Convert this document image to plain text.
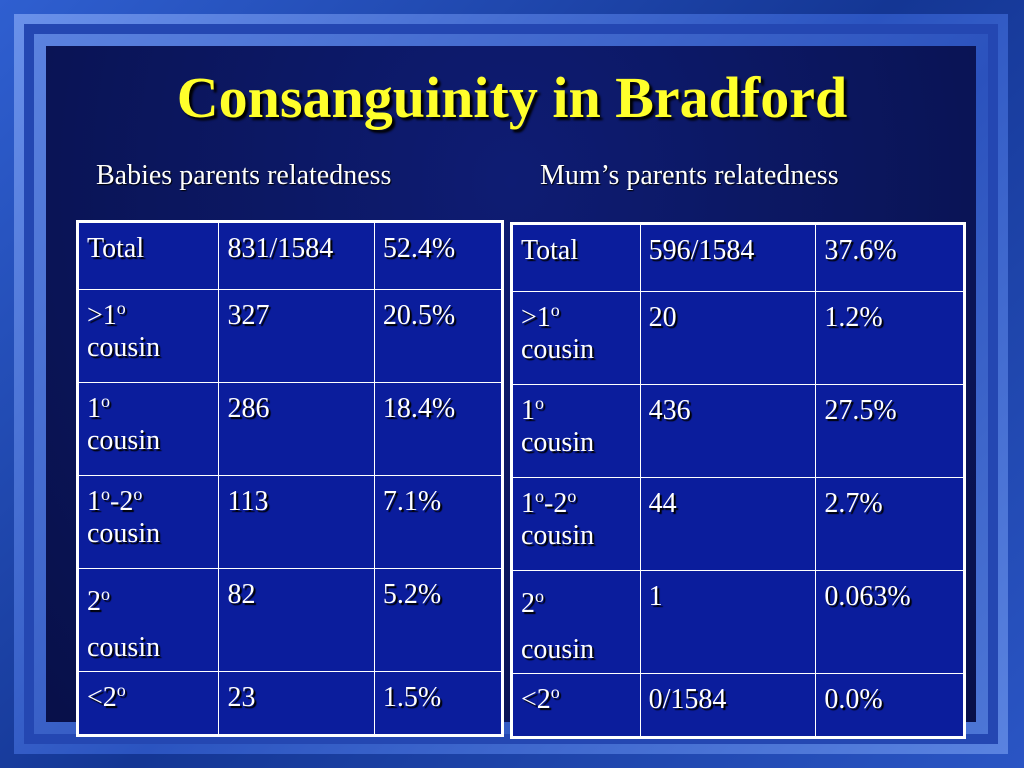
Consanguinity in Bradford
Babies parents relatedness	Mum’s parents relatedness
Total	831/1584	52.4%
$>1^o$
cousin	327	20.5%
1$^o$
cousin	286	18.4%
1$^o$-2$^o$
cousin	113	7.1%
2$^o$
cousin	82	5.2%
$<2^o$	23	1.5%
Total	596/1584	37.6%
$>1^o$
cousin	20	1.2%
1$^o$
cousin	436	27.5%
1$^o$-2$^o$
cousin	44	2.7%
2$^o$
cousin	1	0.063%
$<2^o$	0/1584	0.0%
